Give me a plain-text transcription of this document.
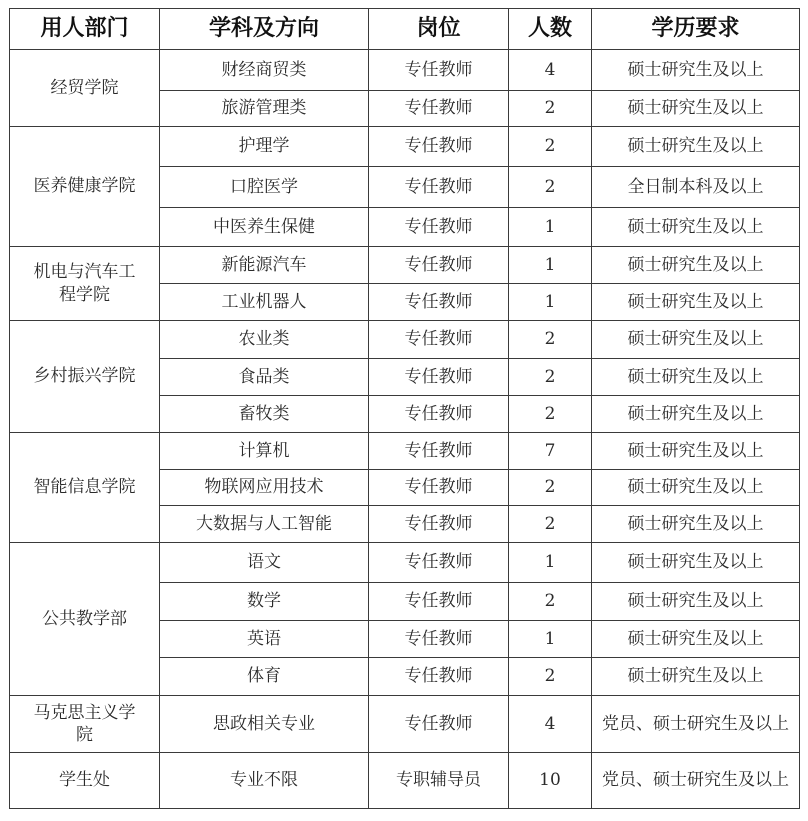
用人部门	学科及方向	岗位	人数	学历要求
经贸学院	财经商贸类	专任教师	4	硕士研究生及以上
	旅游管理类	专任教师	2	硕士研究生及以上
医养健康学院	护理学	专任教师	2	硕士研究生及以上
	口腔医学	专任教师	2	全日制本科及以上
	中医养生保健	专任教师	1	硕士研究生及以上
机电与汽车工程学院	新能源汽车	专任教师	1	硕士研究生及以上
	工业机器人	专任教师	1	硕士研究生及以上
乡村振兴学院	农业类	专任教师	2	硕士研究生及以上
	食品类	专任教师	2	硕士研究生及以上
	畜牧类	专任教师	2	硕士研究生及以上
智能信息学院	计算机	专任教师	7	硕士研究生及以上
	物联网应用技术	专任教师	2	硕士研究生及以上
	大数据与人工智能	专任教师	2	硕士研究生及以上
公共教学部	语文	专任教师	1	硕士研究生及以上
	数学	专任教师	2	硕士研究生及以上
	英语	专任教师	1	硕士研究生及以上
	体育	专任教师	2	硕士研究生及以上
马克思主义学院	思政相关专业	专任教师	4	党员、硕士研究生及以上
学生处	专业不限	专职辅导员	10	党员、硕士研究生及以上
